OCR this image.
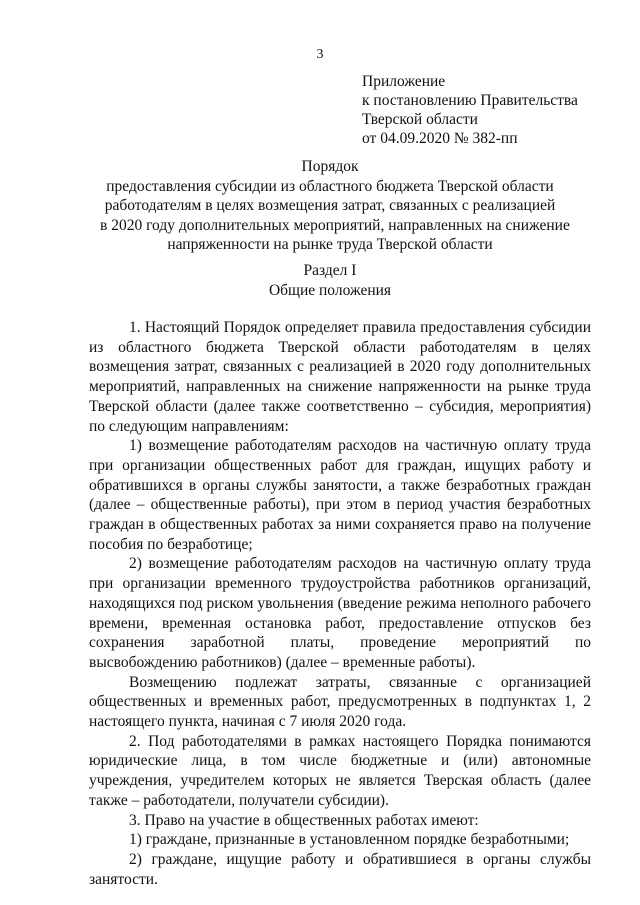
3
Приложение
к постановлению Правительства
Тверской области
от 04.09.2020 № 382-пп
Порядок
предоставления субсидии из областного бюджета Тверской области
работодателям в целях возмещения затрат, связанных с реализацией
в 2020 году дополнительных мероприятий, направленных на снижение
напряженности на рынке труда Тверской области
Раздел I
Общие положения

1. Настоящий Порядок определяет правила предоставления субсидии из областного бюджета Тверской области работодателям в целях возмещения затрат, связанных с реализацией в 2020 году дополнительных мероприятий, направленных на снижение напряженности на рынке труда Тверской области (далее также соответственно – субсидия, мероприятия) по следующим направлениям:

1) возмещение работодателям расходов на частичную оплату труда при организации общественных работ для граждан, ищущих работу и обратившихся в органы службы занятости, а также безработных граждан (далее – общественные работы), при этом в период участия безработных граждан в общественных работах за ними сохраняется право на получение пособия по безработице;

2) возмещение работодателям расходов на частичную оплату труда при организации временного трудоустройства работников организаций, находящихся под риском увольнения (введение режима неполного рабочего времени, временная остановка работ, предоставление отпусков без сохранения заработной платы, проведение мероприятий по высвобождению работников) (далее – временные работы).

Возмещению подлежат затраты, связанные с организацией общественных и временных работ, предусмотренных в подпунктах 1, 2 настоящего пункта, начиная с 7 июля 2020 года.

2. Под работодателями в рамках настоящего Порядка понимаются юридические лица, в том числе бюджетные и (или) автономные учреждения, учредителем которых не является Тверская область (далее также – работодатели, получатели субсидии).

3. Право на участие в общественных работах имеют:

1) граждане, признанные в установленном порядке безработными;

2) граждане, ищущие работу и обратившиеся в органы службы занятости.
